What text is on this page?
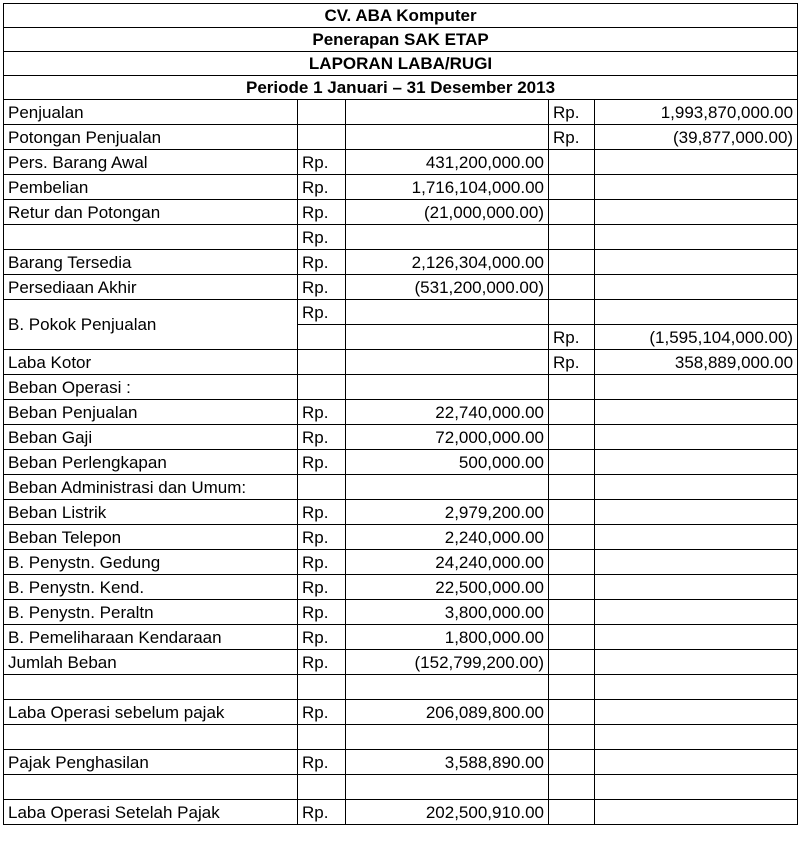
CV. ABA Komputer				
Penerapan SAK ETAP				
LAPORAN LABA/RUGI				
Periode 1 Januari – 31 Desember 2013				
Penjualan			Rp.	1,993,870,000.00
Potongan Penjualan			Rp.	(39,877,000.00)
Pers. Barang Awal	Rp.	431,200,000.00		
Pembelian	Rp.	1,716,104,000.00		
Retur dan Potongan	Rp.	(21,000,000.00)		
	Rp.			
Barang Tersedia	Rp.	2,126,304,000.00		
Persediaan Akhir	Rp.	(531,200,000.00)		
B. Pokok Penjualan	Rp.			
			Rp.	(1,595,104,000.00)
Laba Kotor			Rp.	358,889,000.00
Beban Operasi :				
Beban Penjualan	Rp.	22,740,000.00		
Beban Gaji	Rp.	72,000,000.00		
Beban Perlengkapan	Rp.	500,000.00		
Beban Administrasi dan Umum:				
Beban Listrik	Rp.	2,979,200.00		
Beban Telepon	Rp.	2,240,000.00		
B. Penystn. Gedung	Rp.	24,240,000.00		
B. Penystn. Kend.	Rp.	22,500,000.00		
B. Penystn. Peraltn	Rp.	3,800,000.00		
B. Pemeliharaan Kendaraan	Rp.	1,800,000.00		
Jumlah Beban	Rp.	(152,799,200.00)		

Laba Operasi sebelum pajak	Rp.	206,089,800.00		

Pajak Penghasilan	Rp.	3,588,890.00		

Laba Operasi Setelah Pajak	Rp.	202,500,910.00		
